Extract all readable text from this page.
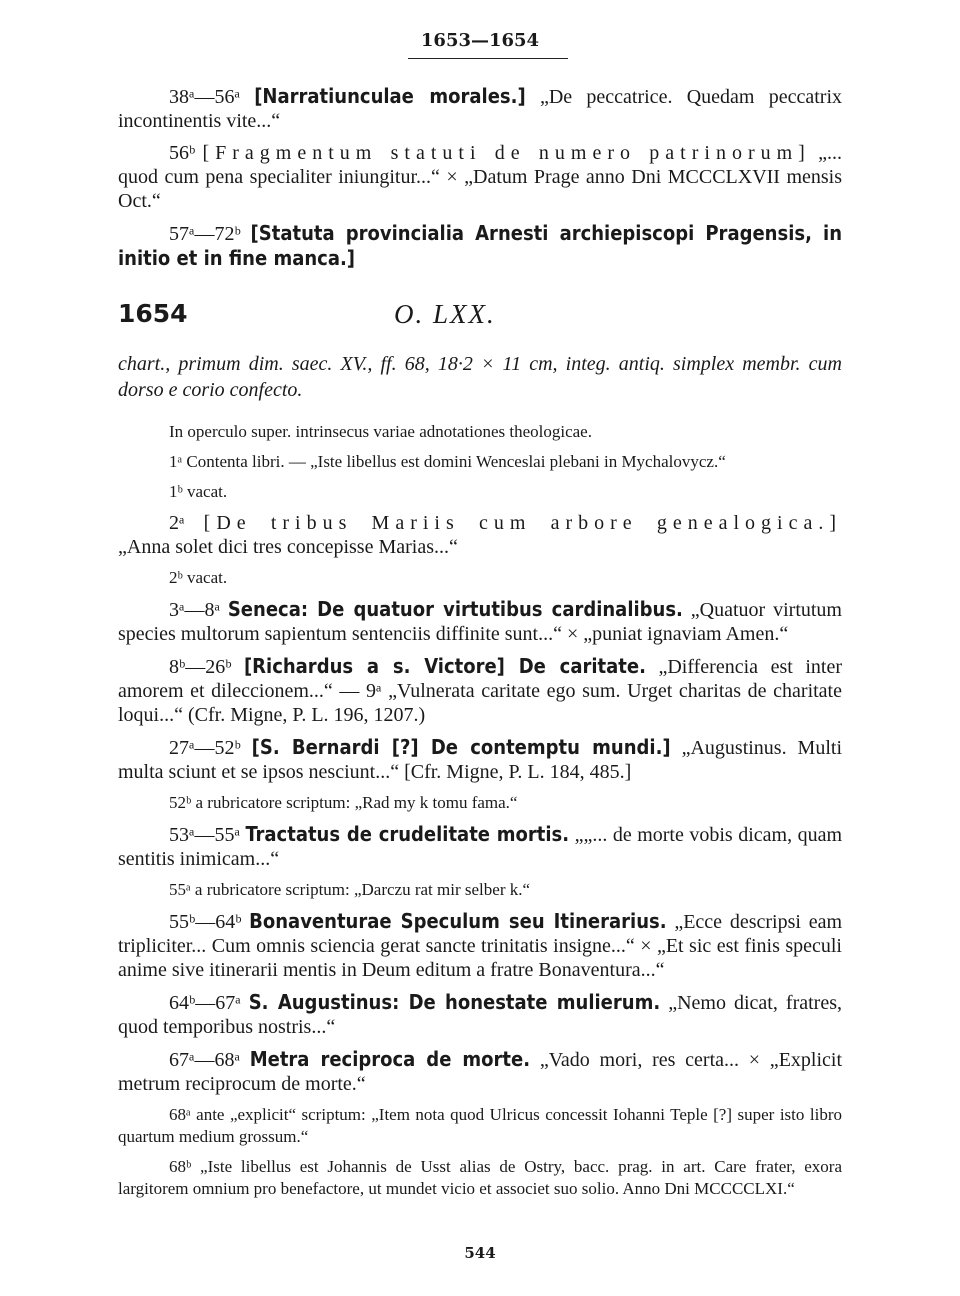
1653—1654

38ᵃ—56ᵃ [Narratiunculae morales.] „De peccatrice. Quedam peccatrix incontinentis vite...“

56ᵇ [Fragmentum statuti de numero patrinorum] „... quod cum pena specialiter iniungitur...“ × „Datum Prage anno Dni MCCCLXVII mensis Oct.“

57ᵃ—72ᵇ [Statuta provincialia Arnesti archiepiscopi Pragensis, in initio et in fine manca.]

1654	O. LXX.

chart., primum dim. saec. XV., ff. 68, 18·2 × 11 cm, integ. antiq. simplex membr. cum dorso e corio confecto.

In operculo super. intrinsecus variae adnotationes theologicae.

1ᵃ Contenta libri. — „Iste libellus est domini Wenceslai plebani in Mychalovycz.“

1ᵇ vacat.

2ᵃ [De tribus Mariis cum arbore genealogica.] „Anna solet dici tres concepisse Marias...“

2ᵇ vacat.

3ᵃ—8ᵃ Seneca: De quatuor virtutibus cardinalibus. „Quatuor virtutum species multorum sapientum sentenciis diffinite sunt...“ × „puniat ignaviam Amen.“

8ᵇ—26ᵇ [Richardus a s. Victore] De caritate. „Differencia est inter amorem et dileccionem...“ — 9ᵃ „Vulnerata caritate ego sum. Urget charitas de charitate loqui...“ (Cfr. Migne, P. L. 196, 1207.)

27ᵃ—52ᵇ [S. Bernardi [?] De contemptu mundi.] „Augustinus. Multi multa sciunt et se ipsos nesciunt...“ [Cfr. Migne, P. L. 184, 485.]

52ᵇ a rubricatore scriptum: „Rad my k tomu fama.“

53ᵃ—55ᵃ Tractatus de crudelitate mortis. „„... de morte vobis dicam, quam sentitis inimicam...“

55ᵃ a rubricatore scriptum: „Darczu rat mir selber k.“

55ᵇ—64ᵇ Bonaventurae Speculum seu Itinerarius. „Ecce descripsi eam tripliciter... Cum omnis sciencia gerat sancte trinitatis insigne...“ × „Et sic est finis speculi anime sive itinerarii mentis in Deum editum a fratre Bonaventura...“

64ᵇ—67ᵃ S. Augustinus: De honestate mulierum. „Nemo dicat, fratres, quod temporibus nostris...“

67ᵃ—68ᵃ Metra reciproca de morte. „Vado mori, res certa... × „Explicit metrum reciprocum de morte.“

68ᵃ ante „explicit“ scriptum: „Item nota quod Ulricus concessit Iohanni Teple [?] super isto libro quartum medium grossum.“

68ᵇ „Iste libellus est Johannis de Usst alias de Ostry, bacc. prag. in art. Care frater, exora largitorem omnium pro benefactore, ut mundet vicio et associet suo solio. Anno Dni MCCCCLXI.“

544
